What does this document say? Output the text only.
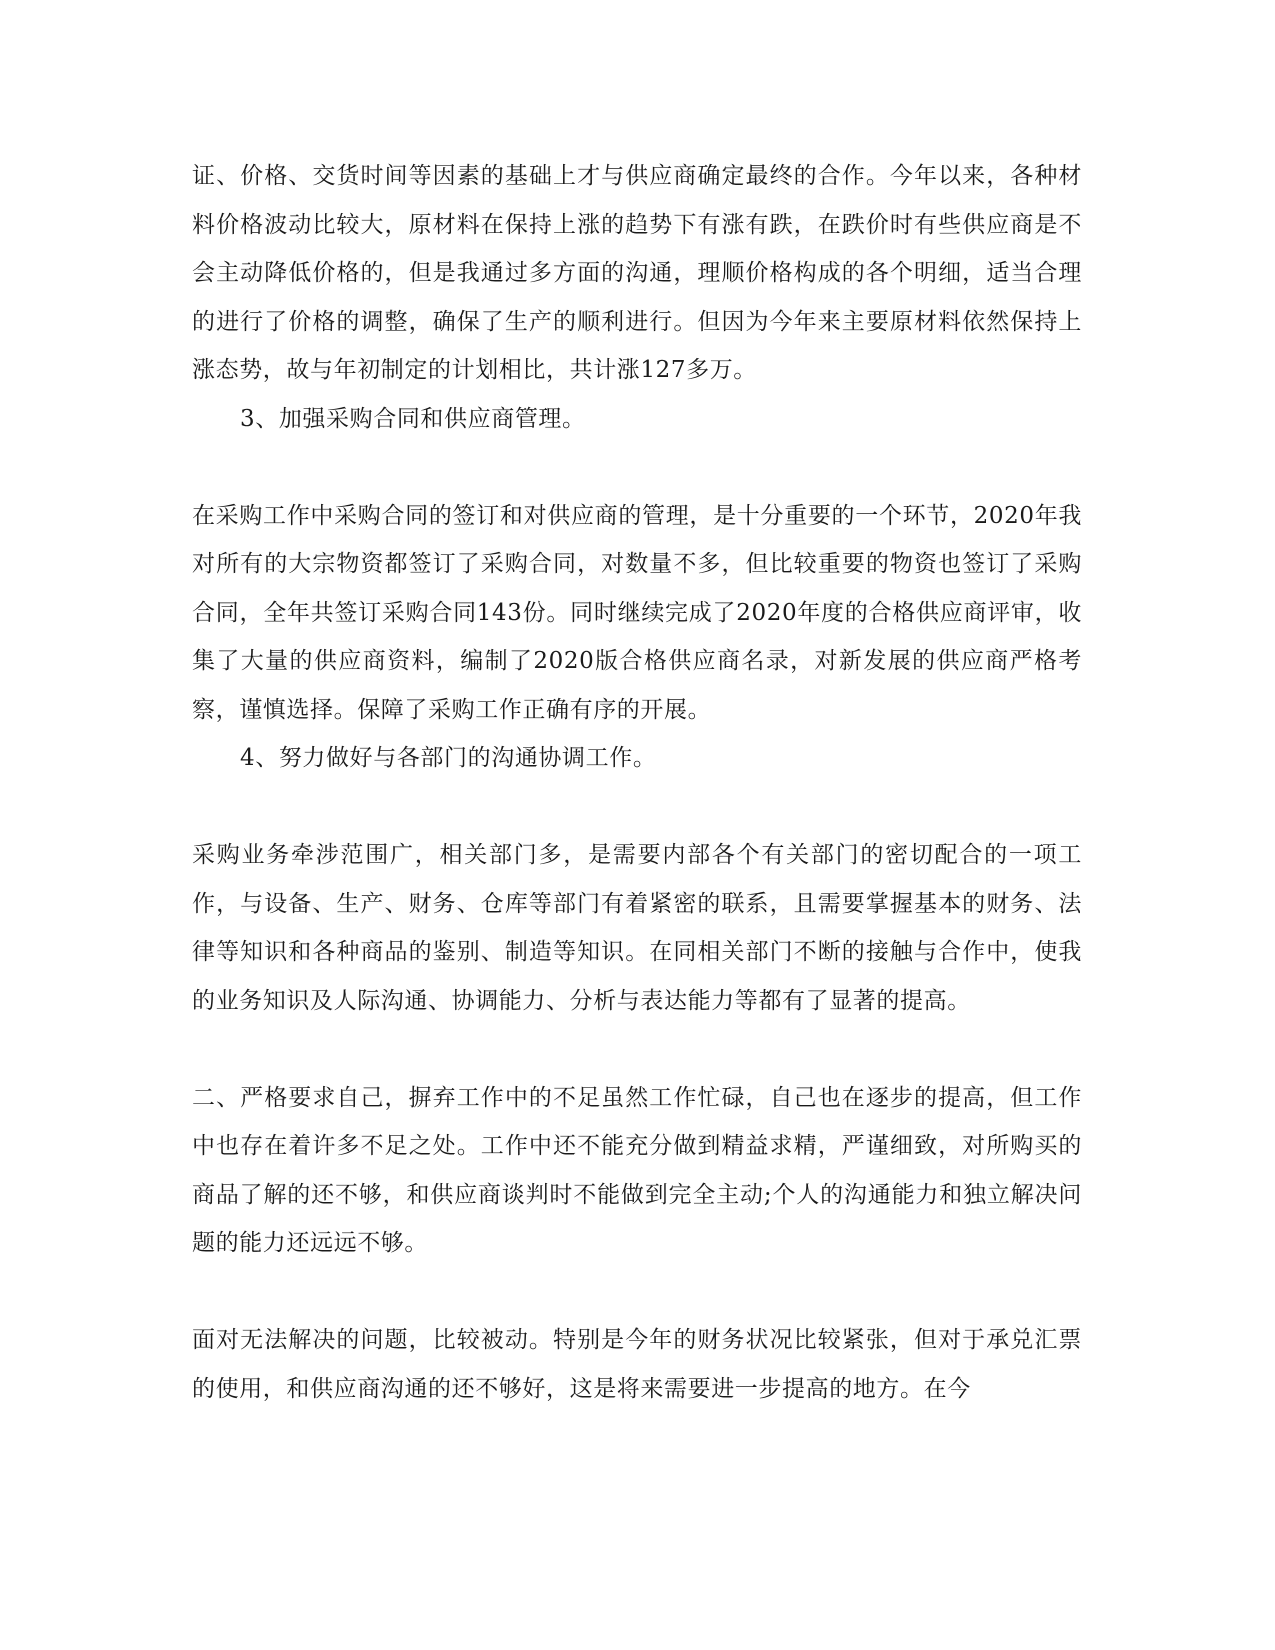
证、价格、交货时间等因素的基础上才与供应商确定最终的合作。今年以来，各种材料价格波动比较大，原材料在保持上涨的趋势下有涨有跌，在跌价时有些供应商是不会主动降低价格的，但是我通过多方面的沟通，理顺价格构成的各个明细，适当合理的进行了价格的调整，确保了生产的顺利进行。但因为今年来主要原材料依然保持上涨态势，故与年初制定的计划相比，共计涨127多万。

3、加强采购合同和供应商管理。

在采购工作中采购合同的签订和对供应商的管理，是十分重要的一个环节，2020年我对所有的大宗物资都签订了采购合同，对数量不多，但比较重要的物资也签订了采购合同，全年共签订采购合同143份。同时继续完成了2020年度的合格供应商评审，收集了大量的供应商资料，编制了2020版合格供应商名录，对新发展的供应商严格考察，谨慎选择。保障了采购工作正确有序的开展。

4、努力做好与各部门的沟通协调工作。

采购业务牵涉范围广，相关部门多，是需要内部各个有关部门的密切配合的一项工作，与设备、生产、财务、仓库等部门有着紧密的联系，且需要掌握基本的财务、法律等知识和各种商品的鉴别、制造等知识。在同相关部门不断的接触与合作中，使我的业务知识及人际沟通、协调能力、分析与表达能力等都有了显著的提高。

二、严格要求自己，摒弃工作中的不足虽然工作忙碌，自己也在逐步的提高，但工作中也存在着许多不足之处。工作中还不能充分做到精益求精，严谨细致，对所购买的商品了解的还不够，和供应商谈判时不能做到完全主动;个人的沟通能力和独立解决问题的能力还远远不够。

面对无法解决的问题，比较被动。特别是今年的财务状况比较紧张，但对于承兑汇票的使用，和供应商沟通的还不够好，这是将来需要进一步提高的地方。在今
